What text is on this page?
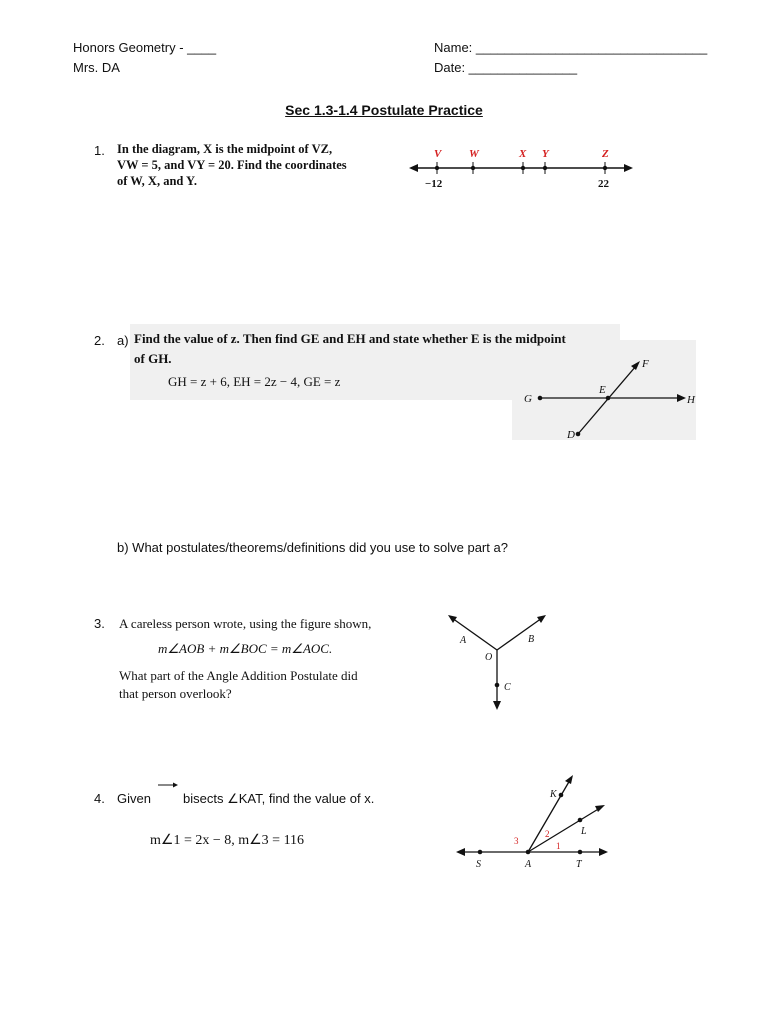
Honors Geometry - ____
Mrs. DA
Name: ________________________________
Date: _______________
Sec 1.3-1.4 Postulate Practice
1. In the diagram, X is the midpoint of VZ,
VW = 5, and VY = 20. Find the coordinates
of W, X, and Y.
V	W	X Y	Z
−12	22
2. a) Find the value of z. Then find GE and EH and state whether E is the midpoint
of GH.
GH = z + 6, EH = 2z − 4, GE = z
F
E
G	H
D
b) What postulates/theorems/definitions did you use to solve part a?
3. A careless person wrote, using the figure shown,
m∠AOB + m∠BOC = m∠AOC.
What part of the Angle Addition Postulate did
that person overlook?
A	B
O
C
4. Given bisects ∠KAT, find the value of x.
m∠1 = 2x − 8, m∠3 = 116
K
L
S	A	T
1
2
3
